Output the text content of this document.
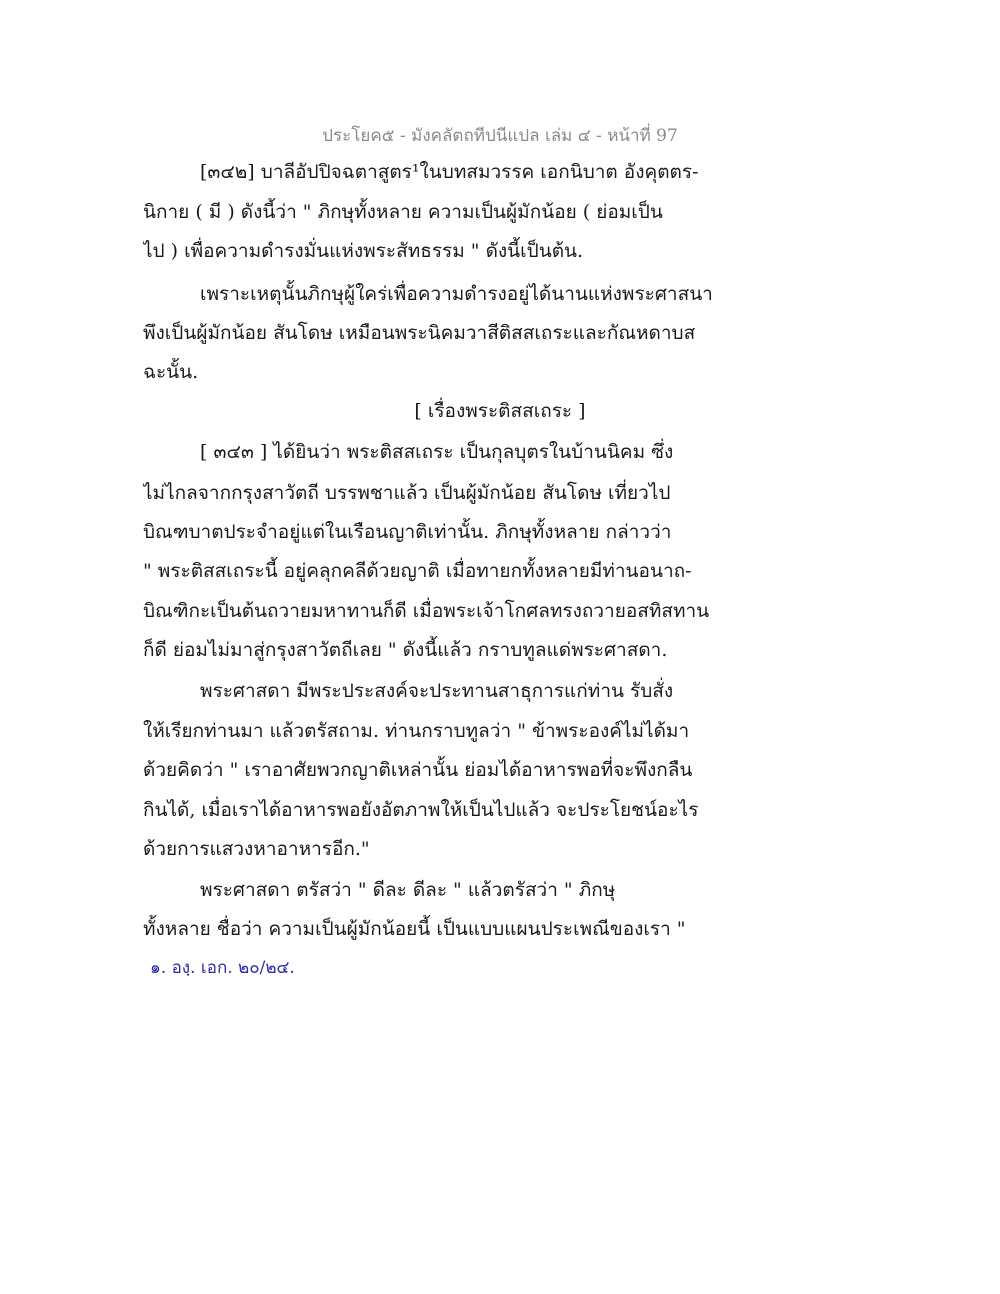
ประโยค๕ - มังคลัตถทีปนีแปล เล่ม ๔ - หน้าที่ 97
[๓๔๒] บาลีอัปปิจฉตาสูตร¹ในบทสมวรรค เอกนิบาต อังคุตตร-
นิกาย ( มี ) ดังนี้ว่า " ภิกษุทั้งหลาย ความเป็นผู้มักน้อย ( ย่อมเป็น
ไป ) เพื่อความดำรงมั่นแห่งพระสัทธรรม " ดังนี้เป็นต้น.
เพราะเหตุนั้นภิกษุผู้ใคร่เพื่อความดำรงอยู่ได้นานแห่งพระศาสนา
พึงเป็นผู้มักน้อย สันโดษ เหมือนพระนิคมวาสีติสสเถระและกัณหดาบส
ฉะนั้น.
[ เรื่องพระติสสเถระ ]
[ ๓๔๓ ] ได้ยินว่า พระติสสเถระ เป็นกุลบุตรในบ้านนิคม ซึ่ง
ไม่ไกลจากกรุงสาวัตถี บรรพชาแล้ว เป็นผู้มักน้อย สันโดษ เที่ยวไป
บิณฑบาตประจำอยู่แต่ในเรือนญาติเท่านั้น. ภิกษุทั้งหลาย กล่าวว่า
" พระติสสเถระนี้ อยู่คลุกคลีด้วยญาติ เมื่อทายกทั้งหลายมีท่านอนาถ-
บิณฑิกะเป็นต้นถวายมหาทานก็ดี เมื่อพระเจ้าโกศลทรงถวายอสทิสทาน
ก็ดี ย่อมไม่มาสู่กรุงสาวัตถีเลย " ดังนี้แล้ว กราบทูลแด่พระศาสดา.
พระศาสดา มีพระประสงค์จะประทานสาธุการแก่ท่าน รับสั่ง
ให้เรียกท่านมา แล้วตรัสถาม. ท่านกราบทูลว่า " ข้าพระองค์ไม่ได้มา
ด้วยคิดว่า " เราอาศัยพวกญาติเหล่านั้น ย่อมได้อาหารพอที่จะพึงกลืน
กินได้, เมื่อเราได้อาหารพอยังอัตภาพให้เป็นไปแล้ว จะประโยชน์อะไร
ด้วยการแสวงหาอาหารอีก."
พระศาสดา ตรัสว่า " ดีละ ดีละ " แล้วตรัสว่า " ภิกษุ
ทั้งหลาย ชื่อว่า ความเป็นผู้มักน้อยนี้ เป็นแบบแผนประเพณีของเรา "
๑. องฺ. เอก. ๒๐/๒๔.
